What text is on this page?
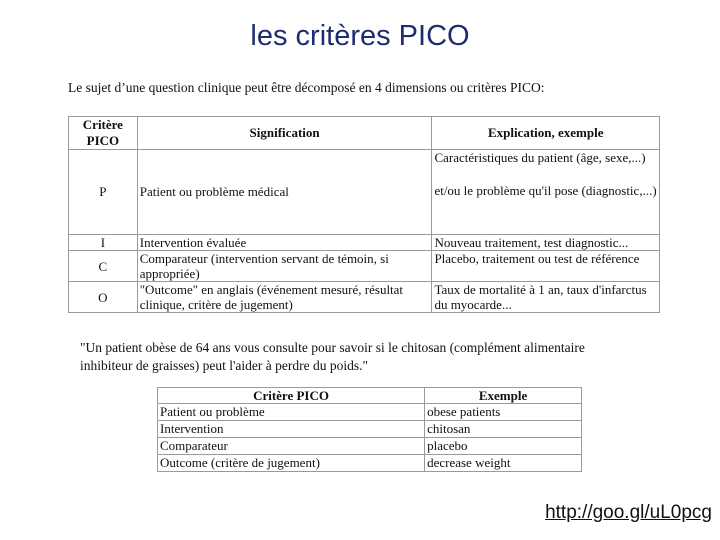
les critères PICO
Le sujet d’une question clinique peut être décomposé en 4 dimensions ou critères PICO:
Critère PICO	Signification	Explication, exemple
P	Patient ou problème médical	Caractéristiques du patient (âge, sexe,...)
et/ou le problème qu'il pose (diagnostic,...)

I	Intervention évaluée	Nouveau traitement, test diagnostic...
C	Comparateur (intervention servant de témoin, si appropriée)	Placebo, traitement ou test de référence
O	"Outcome" en anglais (événement mesuré, résultat clinique, critère de jugement)	Taux de mortalité à 1 an, taux d'infarctus du myocarde...
"Un patient obèse de 64 ans vous consulte pour savoir si le chitosan (complément alimentaire inhibiteur de graisses) peut l'aider à perdre du poids."
Critère PICO	Exemple
Patient ou problème	obese patients
Intervention	chitosan
Comparateur	placebo
Outcome (critère de jugement)	decrease weight
http://goo.gl/uL0pcg
